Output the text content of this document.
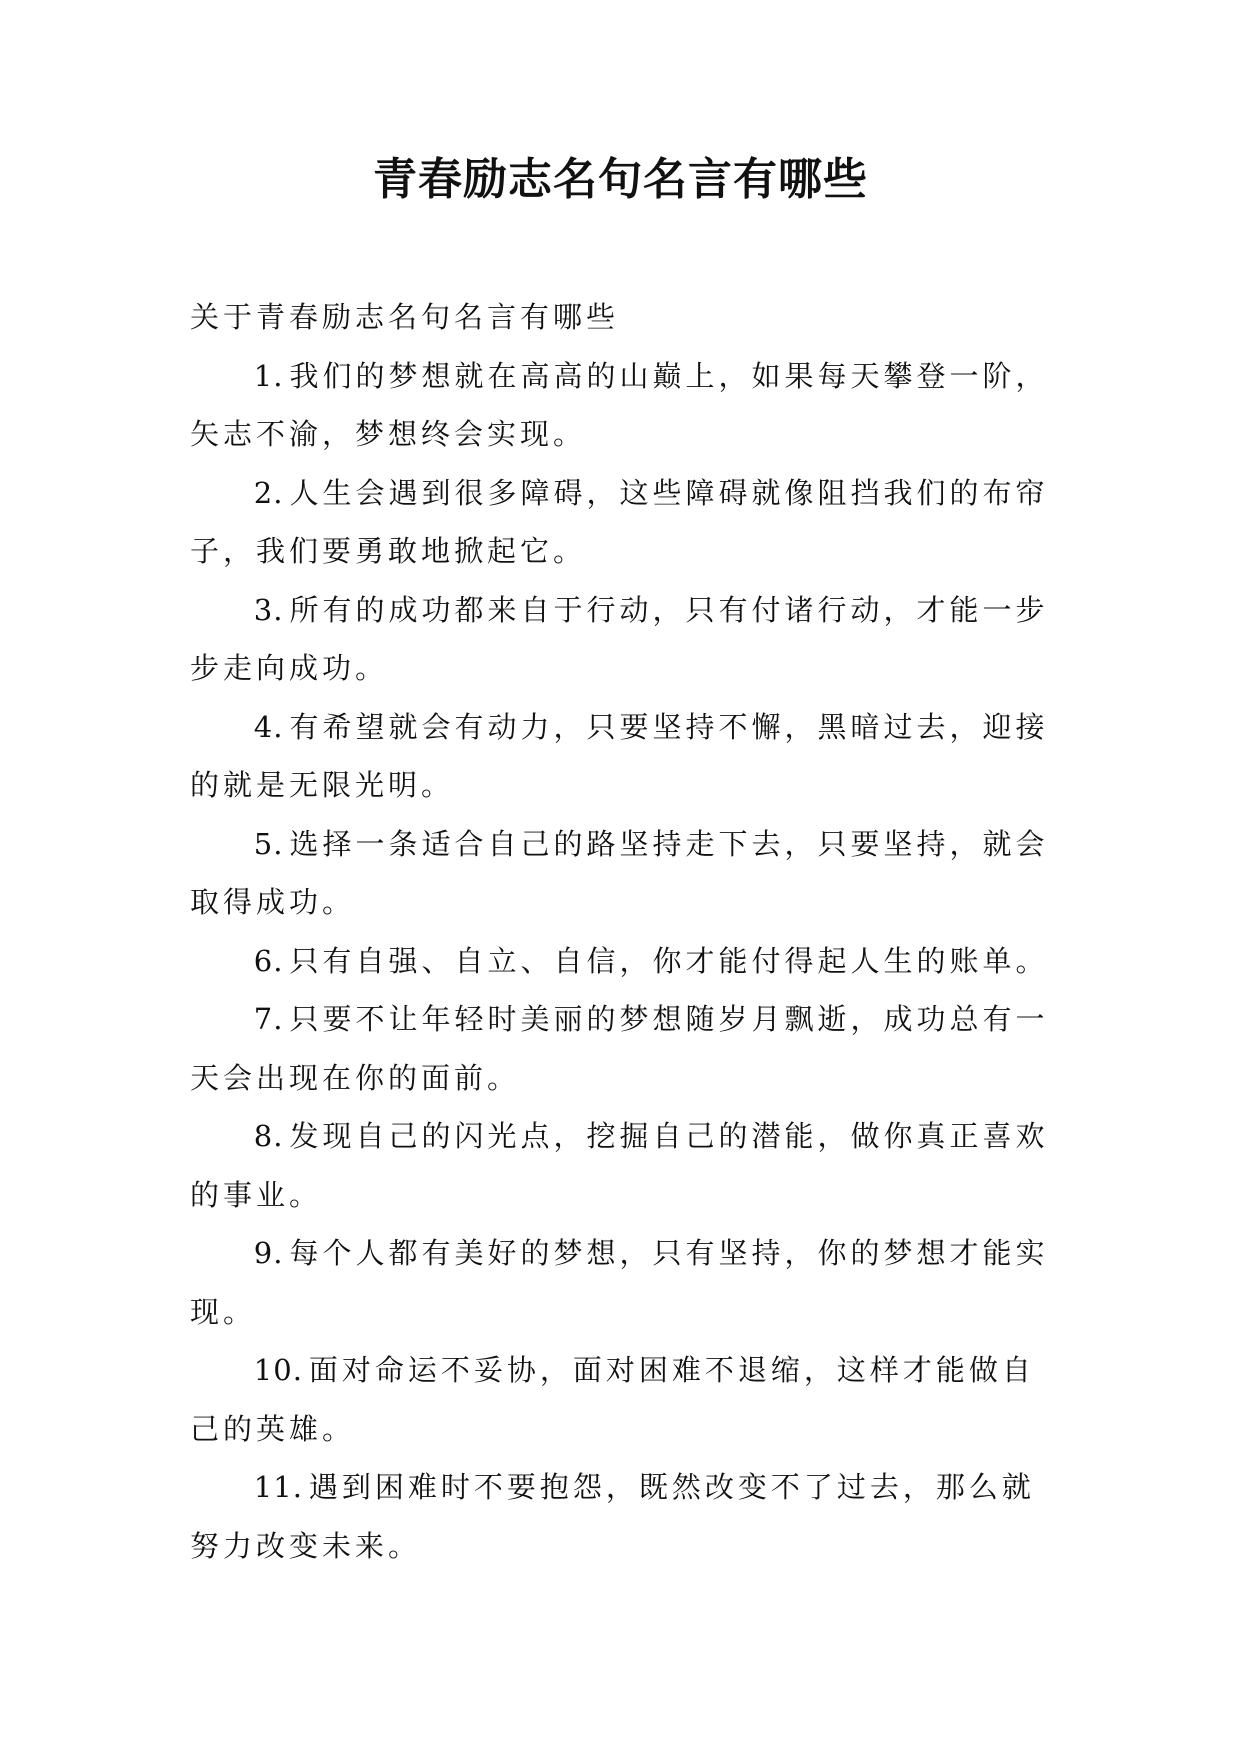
青春励志名句名言有哪些

关于青春励志名句名言有哪些

1. 我们的梦想就在高高的山巅上，如果每天攀登一阶，矢志不渝，梦想终会实现。

2. 人生会遇到很多障碍，这些障碍就像阻挡我们的布帘子，我们要勇敢地掀起它。

3. 所有的成功都来自于行动，只有付诸行动，才能一步步走向成功。

4. 有希望就会有动力，只要坚持不懈，黑暗过去，迎接的就是无限光明。

5. 选择一条适合自己的路坚持走下去，只要坚持，就会取得成功。

6. 只有自强、自立、自信，你才能付得起人生的账单。

7. 只要不让年轻时美丽的梦想随岁月飘逝，成功总有一天会出现在你的面前。

8. 发现自己的闪光点，挖掘自己的潜能，做你真正喜欢的事业。

9. 每个人都有美好的梦想，只有坚持，你的梦想才能实现。

10. 面对命运不妥协，面对困难不退缩，这样才能做自己的英雄。

11. 遇到困难时不要抱怨，既然改变不了过去，那么就努力改变未来。
